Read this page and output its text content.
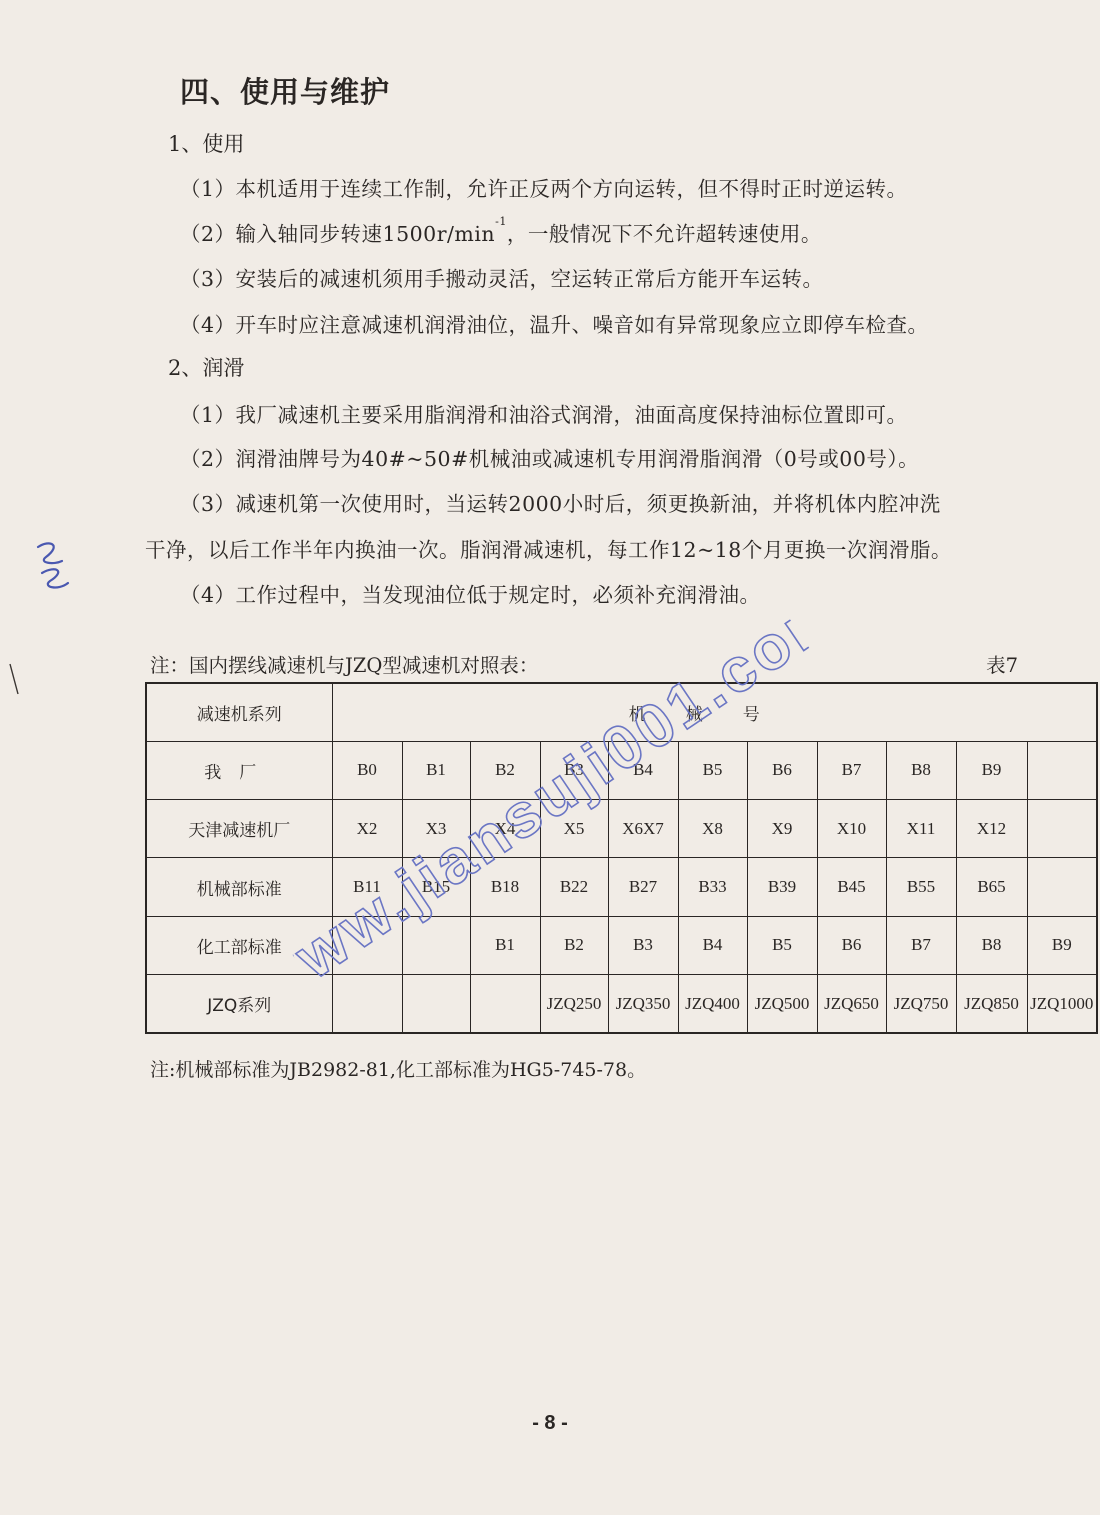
四、使用与维护
1、使用
（1）本机适用于连续工作制，允许正反两个方向运转，但不得时正时逆运转。
（2）输入轴同步转速$1500r/\min^{-1}$，一般情况下不允许超转速使用。
（3）安装后的减速机须用手搬动灵活，空运转正常后方能开车运转。
（4）开车时应注意减速机润滑油位，温升、噪音如有异常现象应立即停车检查。
2、润滑
（1）我厂减速机主要采用脂润滑和油浴式润滑，油面高度保持油标位置即可。
（2）润滑油牌号为40#~50#机械油或减速机专用润滑脂润滑（0号或00号）。
（3）减速机第一次使用时，当运转2000小时后，须更换新油，并将机体内腔冲洗
干净，以后工作半年内换油一次。脂润滑减速机，每工作12~18个月更换一次润滑脂。
（4）工作过程中，当发现油位低于规定时，必须补充润滑油。
注：国内摆线减速机与JZQ型减速机对照表：	表7
减速机系列	机械号										
我厂	B0	B1	B2	B3	B4	B5	B6	B7	B8	B9	
天津减速机厂	X2	X3	X4	X5	X6X7	X8	X9	X10	X11	X12	
机械部标准	B11	B15	B18	B22	B27	B33	B39	B45	B55	B65	
化工部标准			B1	B2	B3	B4	B5	B6	B7	B8	B9
JZQ系列				JZQ250	JZQ350	JZQ400	JZQ500	JZQ650	JZQ750	JZQ850	JZQ1000
注:机械部标准为JB2982-81,化工部标准为HG5-745-78。
- 8 -
www.jiansuji001.com
